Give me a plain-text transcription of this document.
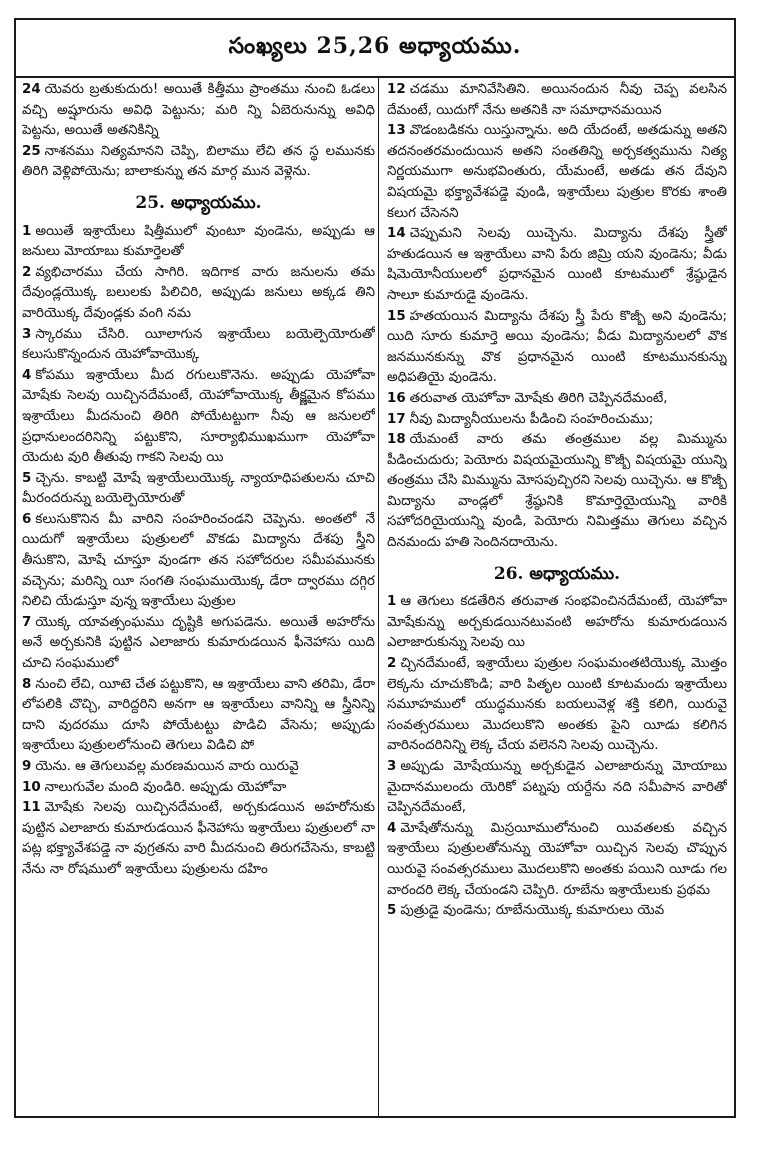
సంఖ్యలు 25,26 అధ్యాయము.

24 యెవరు బ్రతుకుదురు! అయితే కిత్తీము ప్రాంతము నుంచి ఓడలు వచ్చి అష్షూరును అవిధి పెట్టును; మరి న్ని ఏబెరునున్ను అవిధి పెట్టను, అయితే అతనికిన్ని

25 నాశనము నిత్యమానని చెప్పి, బిలాము లేచి తన స్థ లమునకు తిరిగి వెళ్లిపోయెను; బాలాకున్ను తన మార్గ మున వెళ్లెను.

25. అధ్యాయము.

1 అయితే ఇశ్రాయేలు షిత్తీములో వుంటూ వుండెను, అప్పుడు ఆ జనులు మోయాబు కుమార్తెలతో

2 వ్యభిచారము చేయ సాగిరి. ఇదిగాక వారు జనులను తమ దేవుండ్లయొక్క బలులకు పిలిచిరి, అప్పుడు జనులు అక్కడ తిని వారియొక్క దేవుండ్లకు వంగి నమ

3 స్కారము చేసిరి. యీలాగున ఇశ్రాయేలు బయెల్పెయోరుతో కలుసుకొన్నందున యెహోవాయొక్క

4 కోపము ఇశ్రాయేలు మీద రగులుకొనెను. అప్పుడు యెహోవా మోషేకు సెలవు యిచ్చినదేమంటే, యెహోవాయొక్క తీక్ష్ణమైన కోపము ఇశ్రాయేలు మీదనుంచి తిరిగి పోయేటట్టుగా నీవు ఆ జనులలో ప్రధానులందరినిన్ని పట్టుకొని, సూర్యాభిముఖముగా యెహోవా యెదుట వురి తీతువు గాకని సెలవు యి

5 చ్చెను. కాబట్టి మోషే ఇశ్రాయేలుయొక్క న్యాయాధిపతులను చూచి మీరందరున్ను బయెల్పెయోరుతో

6 కలుసుకొనిన మీ వారిని సంహరించండని చెప్పెను. అంతలో నే యిదుగో ఇశ్రాయేలు పుత్రులలో వొకడు మిద్యాను దేశపు స్త్రీని తీసుకొని, మోషే చూస్తూ వుండగా తన సహోదరుల సమీపమునకు వచ్చెను; మరిన్ని యీ సంగతి సంఘముయొక్క డేరా ద్వారము దగ్గిర నిలిచి యేడుస్తూ వున్న ఇశ్రాయేలు పుత్రుల

7 యొక్క యావత్సంఘము దృష్టికి అగుపడెను. అయితే అహరోను అనే అర్చకునికి పుట్టిన ఎలాజారు కుమారుడయిన ఫీనెహాసు యిది చూచి సంఘములో

8 నుంచి లేచి, యీటె చేత పట్టుకొని, ఆ ఇశ్రాయేలు వాని తరిమి, డేరా లోపలికి చొచ్చి, వారిద్దరిని అనగా ఆ ఇశ్రాయేలు వానిన్ని ఆ స్త్రీనిన్ని దాని వుదరము దూసి పోయేటట్టు పొడిచి వేసెను; అప్పుడు ఇశ్రాయేలు పుత్రులలోనుంచి తెగులు విడిచి పో

9 యెను. ఆ తెగులువల్ల మరణమయిన వారు యిరువై

10 నాలుగువేల మంది వుండిరి. అప్పుడు యెహోవా

11 మోషేకు సెలవు యిచ్చినదేమంటే, అర్చకుడయిన అహరోనుకు పుట్టిన ఎలాజారు కుమారుడయిన ఫీనెహాసు ఇశ్రాయేలు పుత్రులలో నా పట్ల భక్త్యావేశపడ్డె నా వుగ్రతను వారి మీదనుంచి తిరుగచేసెను, కాబట్టి నేను నా రోషములో ఇశ్రాయేలు పుత్రులను దహిం

12 చడము మానివేసితిని. అయినందున నీవు చెప్ప వలసిన దేమంటే, యిదుగో నేను అతనికి నా సమాధానమయిన

13 వొడంబడికను యిస్తున్నాను. అది యేదంటే, అతడున్ను అతని తదనంతరమందుయిన అతని సంతతిన్ని అర్చకత్వమును నిత్య నిర్ణయముగా అనుభవింతురు, యేమంటే, అతడు తన దేవుని విషయమై భక్త్యావేశపడ్డె వుండి, ఇశ్రాయేలు పుత్రుల కొరకు శాంతి కలుగ చేసెనని

14 చెప్పుమని సెలవు యిచ్చెను. మిద్యాను దేశపు స్త్రీతో హతుడయిన ఆ ఇశ్రాయేలు వాని పేరు జిమ్రి యని వుండెను; వీడు షిమెయోనీయులలో ప్రధానమైన యింటి కూటములో శ్రేష్ఠుడైన సాలూ కుమారుడై వుండెను.

15 హతయయిన మిద్యాను దేశపు స్త్రీ పేరు కొజ్బీ అని వుండెను; యిది సూరు కుమార్తె అయి వుండెను; వీడు మిద్యానులలో వొక జనమునకున్ను వొక ప్రధానమైన యింటి కూటమునకున్ను అధిపతియై వుండెను.

16 తరువాత యెహోవా మోషేకు తిరిగి చెప్పినదేమంటే,

17 నీవు మిద్యానీయులను పీడించి సంహరించుము;

18 యేమంటే వారు తమ తంత్రముల వల్ల మిమ్మును పీడించుదురు; పెయోరు విషయమైయున్ని కొజ్బీ విషయమై యున్ని తంత్రము చేసి మిమ్మును మోసపుచ్చిరని సెలవు యిచ్చెను. ఆ కొజ్బీ మిద్యాను వాండ్లలో శ్రేష్ఠునికి కొమార్తెయైయున్ని వారికి సహోదరియైయున్ని వుండి, పెయోరు నిమిత్తము తెగులు వచ్చిన దినమందు హతి సెందినదాయెను.

26. అధ్యాయము.

1 ఆ తెగులు కడతేరిన తరువాత సంభవించినదేమంటే, యెహోవా మోషేకున్ను అర్చకుడయినటువంటి అహరోను కుమారుడయిన ఎలాజారుకున్ను సెలవు యి

2 చ్చినదేమంటే, ఇశ్రాయేలు పుత్రుల సంఘమంతటియొక్క మొత్తం లెక్కను చూచుకొండి; వారి పితృల యింటి కూటమందు ఇశ్రాయేలు సమూహములో యుద్ధమునకు బయలువెళ్ల శక్తి కలిగి, యిరువై సంవత్సరములు మొదలుకొని అంతకు పైని యీడు కలిగిన వారినందరినిన్ని లెక్క చేయ వలెనని సెలవు యిచ్చెను.

3 అప్పుడు మోషేయున్ను అర్చకుడైన ఎలాజారున్ను మోయాబు మైదానములందు యెరికో పట్నపు యర్దేను నది సమీపాన వారితో చెప్పినదేమంటే,

4 మోషేతోనున్ను మిస్రయీములోనుంచి యివతలకు వచ్చిన ఇశ్రాయేలు పుత్రులతోనున్ను యెహోవా యిచ్చిన సెలవు చొప్పున యిరువై సంవత్సరములు మొదలుకొని అంతకు పయిని యీడు గల వారందరి లెక్క చేయండని చెప్పిరి. రూబేను ఇశ్రాయేలుకు ప్రథమ

5 పుత్రుడై వుండెను; రూబేనుయొక్క కుమారులు యెవ
